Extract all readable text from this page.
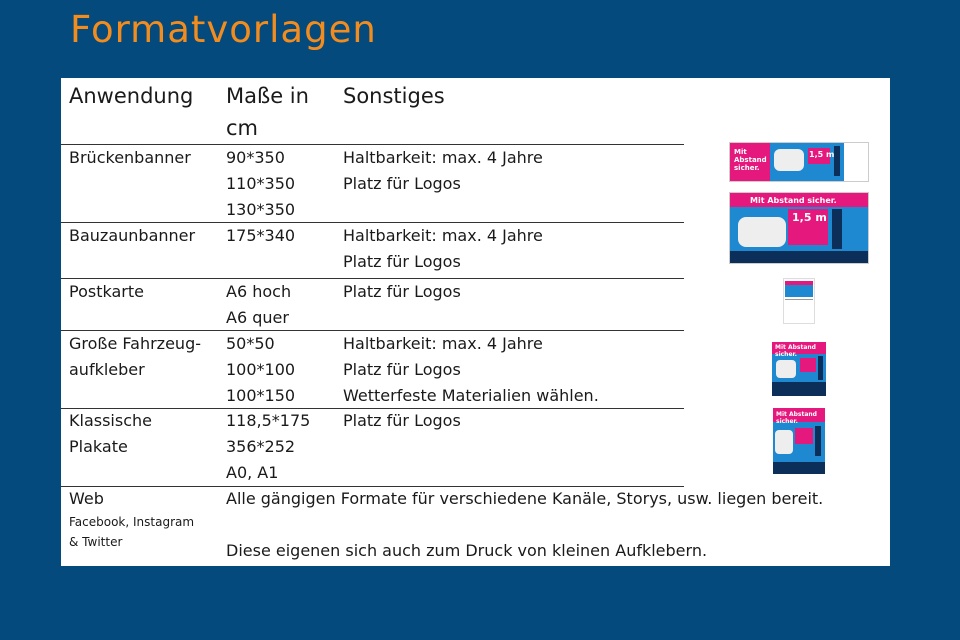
Formatvorlagen
Anwendung Maße in
cm
Sonstiges
Brückenbanner 90*350
110*350
130*350
Haltbarkeit: max. 4 Jahre
Platz für Logos
Bauzaunbanner 175*340	Haltbarkeit: max. 4 Jahre
Platz für Logos
Postkarte	A6 hoch
A6 quer
Platz für Logos
Große Fahrzeug-
aufkleber
50*50
100*100
100*150
Haltbarkeit: max. 4 Jahre
Platz für Logos
Wetterfeste Materialien wählen.
Klassische
Plakate
118,5*175
356*252
A0, A1
Platz für Logos
Web
Facebook, Instagram
& Twitter
Alle gängigen Formate für verschiedene Kanäle, Storys, usw. liegen bereit.
Diese eigenen sich auch zum Druck von kleinen Aufklebern.
Mit Abstand sicher.
1,5 m
Mit Abstand sicher.
1,5 m
Mit Abstand sicher.
Mit Abstand sicher.
